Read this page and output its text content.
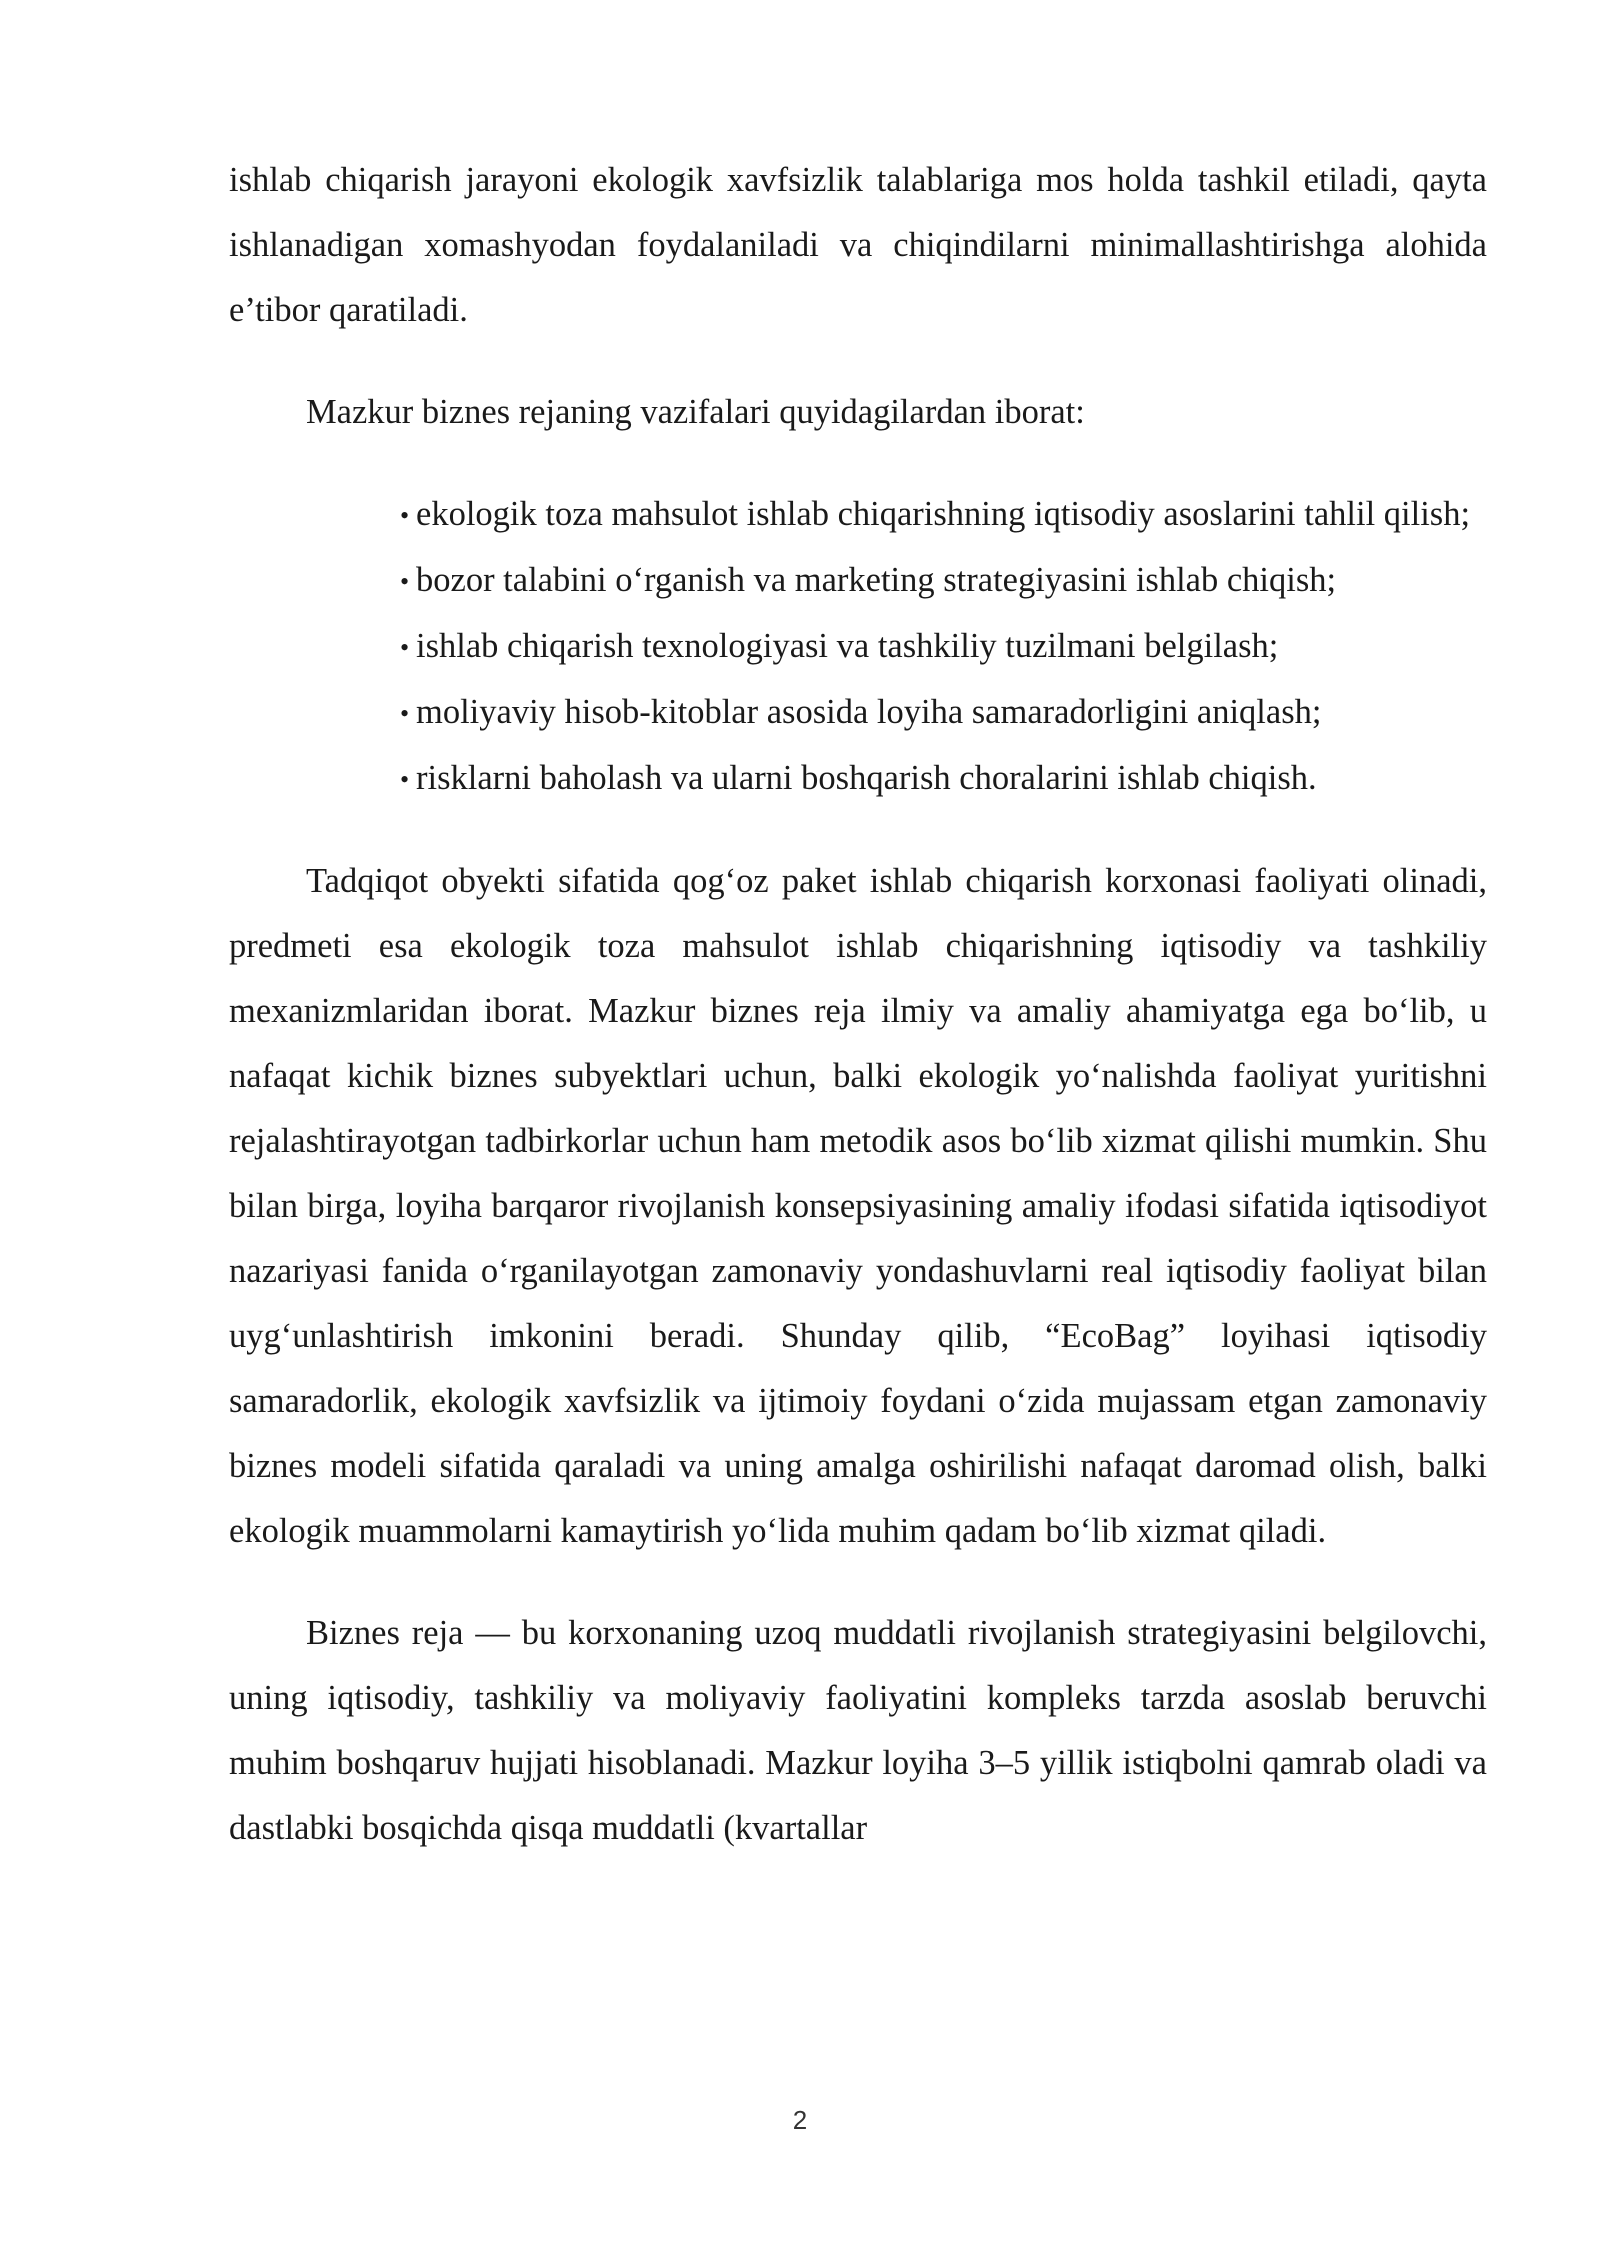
ishlab chiqarish jarayoni ekologik xavfsizlik talablariga mos holda tashkil etiladi, qayta ishlanadigan xomashyodan foydalaniladi va chiqindilarni minimallashtirishga alohida e’tibor qaratiladi.

Mazkur biznes rejaning vazifalari quyidagilardan iborat:

• ekologik toza mahsulot ishlab chiqarishning iqtisodiy asoslarini tahlil qilish;
• bozor talabini o‘rganish va marketing strategiyasini ishlab chiqish;
• ishlab chiqarish texnologiyasi va tashkiliy tuzilmani belgilash;
• moliyaviy hisob-kitoblar asosida loyiha samaradorligini aniqlash;
• risklarni baholash va ularni boshqarish choralarini ishlab chiqish.

Tadqiqot obyekti sifatida qog‘oz paket ishlab chiqarish korxonasi faoliyati olinadi, predmeti esa ekologik toza mahsulot ishlab chiqarishning iqtisodiy va tashkiliy mexanizmlaridan iborat. Mazkur biznes reja ilmiy va amaliy ahamiyatga ega bo‘lib, u nafaqat kichik biznes subyektlari uchun, balki ekologik yo‘nalishda faoliyat yuritishni rejalashtirayotgan tadbirkorlar uchun ham metodik asos bo‘lib xizmat qilishi mumkin. Shu bilan birga, loyiha barqaror rivojlanish konsepsiyasining amaliy ifodasi sifatida iqtisodiyot nazariyasi fanida o‘rganilayotgan zamonaviy yondashuvlarni real iqtisodiy faoliyat bilan uyg‘unlashtirish imkonini beradi. Shunday qilib, “EcoBag” loyihasi iqtisodiy samaradorlik, ekologik xavfsizlik va ijtimoiy foydani o‘zida mujassam etgan zamonaviy biznes modeli sifatida qaraladi va uning amalga oshirilishi nafaqat daromad olish, balki ekologik muammolarni kamaytirish yo‘lida muhim qadam bo‘lib xizmat qiladi.

Biznes reja — bu korxonaning uzoq muddatli rivojlanish strategiyasini belgilovchi, uning iqtisodiy, tashkiliy va moliyaviy faoliyatini kompleks tarzda asoslab beruvchi muhim boshqaruv hujjati hisoblanadi. Mazkur loyiha 3–5 yillik istiqbolni qamrab oladi va dastlabki bosqichda qisqa muddatli (kvartallar

2
